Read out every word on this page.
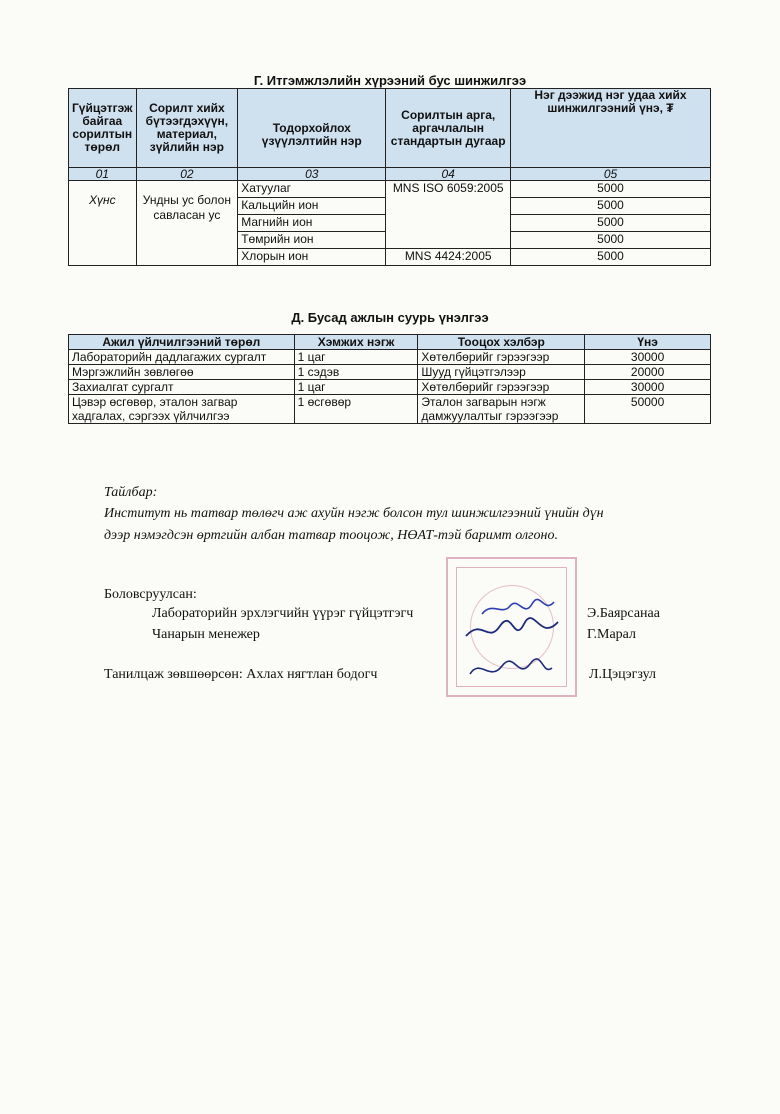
Г. Итгэмжлэлийн хүрээний бус шинжилгээ
Гүйцэтгэж байгаа сорилтын төрөл	Сорилт хийх бүтээгдэхүүн, материал, зүйлийн нэр	Тодорхойлох үзүүлэлтийн нэр	Сорилтын арга, аргачлалын стандартын дугаар	Нэг дээжид нэг удаа хийх шинжилгээний үнэ, ₮
01	02	03	04	05
Хүнс	Ундны ус болон савласан ус	Хатуулаг	MNS ISO 6059:2005	5000
		Кальцийн ион		5000
		Магнийн ион		5000
		Төмрийн ион		5000
		Хлорын ион	MNS 4424:2005	5000
Д. Бусад ажлын суурь үнэлгээ
Ажил үйлчилгээний төрөл	Хэмжих нэгж	Тооцох хэлбэр	Үнэ
Лабораторийн дадлагажих сургалт	1 цаг	Хөтөлбөрийг гэрээгээр	30000
Мэргэжлийн зөвлөгөө	1 сэдэв	Шууд гүйцэтгэлээр	20000
Захиалгат сургалт	1 цаг	Хөтөлбөрийг гэрээгээр	30000
Цэвэр өсгөвөр, эталон загвар хадгалах, сэргээх үйлчилгээ	1 өсгөвөр	Эталон загварын нэгж дамжуулалтыг гэрээгээр	50000
Тайлбар:
Институт нь татвар төлөгч аж ахуйн нэгж болсон тул шинжилгээний үнийн дүн
дээр нэмэгдсэн өртгийн албан татвар тооцож, НӨАТ-тэй баримт олгоно.
Боловсруулсан:
Лабораторийн эрхлэгчийн үүрэг гүйцэтгэгч	Э.Баярсанаа
Чанарын менежер	Г.Марал
Танилцаж зөвшөөрсөн: Ахлах нягтлан бодогч	Л.Цэцэгзул
